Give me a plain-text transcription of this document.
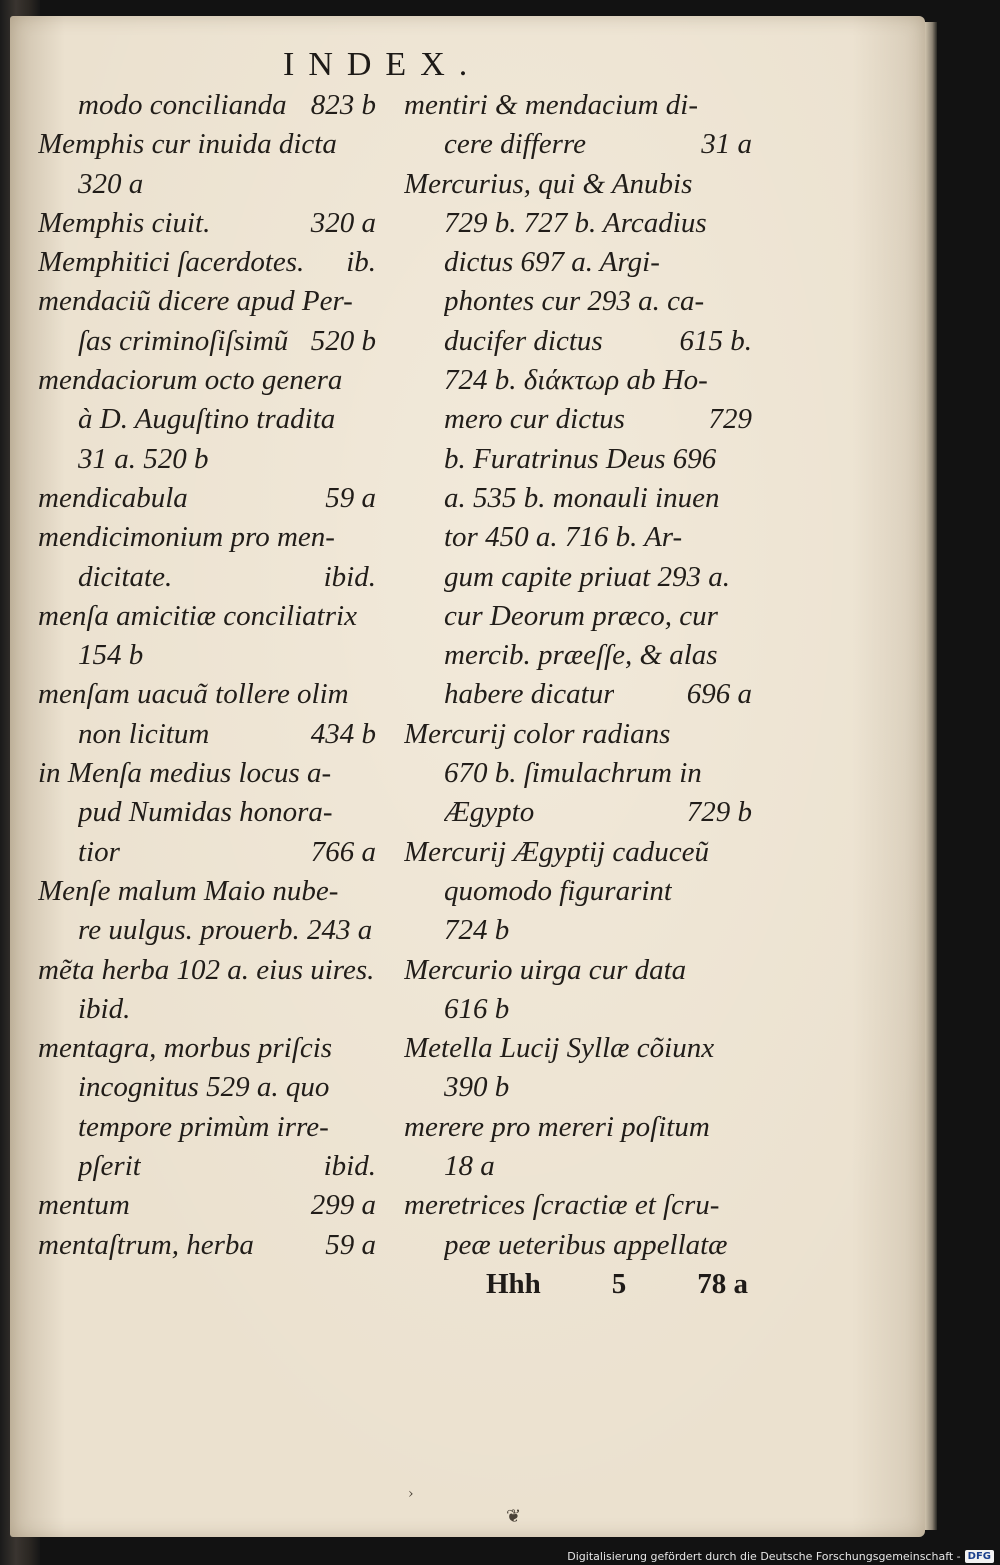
INDEX.
modo concilianda 823 b
Memphis cur inuida dicta
320 a
Memphis ciuit.	320 a
Memphitici ſacerdotes.	ib.
mendaciũ dicere apud Per-
ſas criminoſiſsimũ 520 b
mendaciorum octo genera
à D. Auguſtino tradita
31 a. 520 b
mendicabula	59 a
mendicimonium pro men-
dicitate.	ibid.
menſa amicitiæ conciliatrix
154 b
menſam uacuã tollere olim
non licitum	434 b
in Menſa medius locus a-
pud Numidas honora-
tior	766 a
Menſe malum Maio nube-
re uulgus. prouerb. 243 a
mẽta herba 102 a. eius uires.
ibid.
mentagra, morbus priſcis
incognitus 529 a. quo
tempore primùm irre-
pſerit	ibid.
mentum	299 a
mentaſtrum, herba	59 a
mentiri & mendacium di-
cere differre	31 a
Mercurius, qui & Anubis
729 b. 727 b. Arcadius
dictus 697 a. Argi-
phontes cur 293 a. ca-
ducifer dictus	615 b.
724 b. διάκτωρ ab Ho-
mero cur dictus	729
b. Furatrinus Deus 696
a. 535 b. monauli inuen
tor 450 a. 716 b. Ar-
gum capite priuat 293 a.
cur Deorum præco, cur
mercib. præeſſe, & alas
habere dicatur	696 a
Mercurij color radians
670 b. ſimulachrum in
Ægypto	729 b
Mercurij Ægyptij caduceũ
quomodo figurarint
724 b
Mercurio uirga cur data
616 b
Metella Lucij Syllæ cõiunx
390 b
merere pro mereri poſitum
18 a
meretrices ſcractiæ et ſcru-
peæ ueteribus appellatæ
Hhh 5 78 a
›
❦
Digitalisierung gefördert durch die Deutsche Forschungsgemeinschaft - DFG
